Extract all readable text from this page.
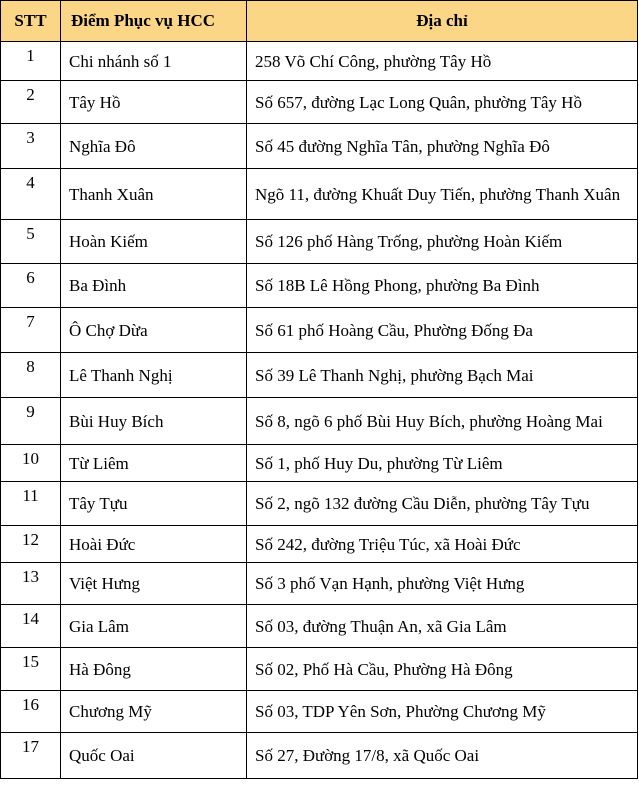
STT	Điểm Phục vụ HCC	Địa chỉ
1	Chi nhánh số 1	258 Võ Chí Công, phường Tây Hồ
2	Tây Hồ	Số 657, đường Lạc Long Quân, phường Tây Hồ
3	Nghĩa Đô	Số 45 đường Nghĩa Tân, phường Nghĩa Đô
4	Thanh Xuân	Ngõ 11, đường Khuất Duy Tiến, phường Thanh Xuân
5	Hoàn Kiếm	Số 126 phố Hàng Trống, phường Hoàn Kiếm
6	Ba Đình	Số 18B Lê Hồng Phong, phường Ba Đình
7	Ô Chợ Dừa	Số 61 phố Hoàng Cầu, Phường Đống Đa
8	Lê Thanh Nghị	Số 39 Lê Thanh Nghị, phường Bạch Mai
9	Bùi Huy Bích	Số 8, ngõ 6 phố Bùi Huy Bích, phường Hoàng Mai
10	Từ Liêm	Số 1, phố Huy Du, phường Từ Liêm
11	Tây Tựu	Số 2, ngõ 132 đường Cầu Diễn, phường Tây Tựu
12	Hoài Đức	Số 242, đường Triệu Túc, xã Hoài Đức
13	Việt Hưng	Số 3 phố Vạn Hạnh, phường Việt Hưng
14	Gia Lâm	Số 03, đường Thuận An, xã Gia Lâm
15	Hà Đông	Số 02, Phố Hà Cầu, Phường Hà Đông
16	Chương Mỹ	Số 03, TDP Yên Sơn, Phường Chương Mỹ
17	Quốc Oai	Số 27, Đường 17/8, xã Quốc Oai
